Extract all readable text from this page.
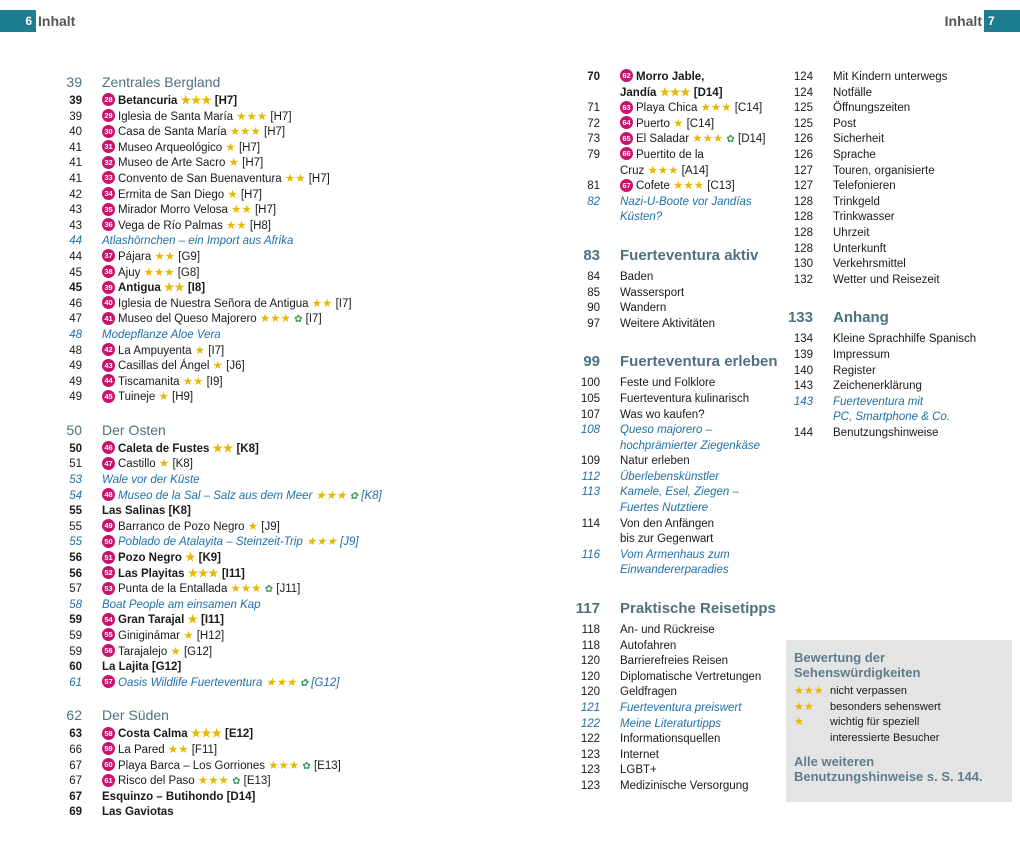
6 Inhalt	Inhalt 7
39	Zentrales Bergland
39	28 Betancuria ★★★ [H7]
39	29 Iglesia de Santa María ★★★ [H7]
40	30 Casa de Santa María ★★★ [H7]
41	31 Museo Arqueológico ★ [H7]
41	32 Museo de Arte Sacro ★ [H7]
41	33 Convento de San Buenaventura ★★ [H7]
42	34 Ermita de San Diego ★ [H7]
43	35 Mirador Morro Velosa ★★ [H7]
43	36 Vega de Río Palmas ★★ [H8]
44	Atlashörnchen – ein Import aus Afrika
44	37 Pájara ★★ [G9]
45	38 Ajuy ★★★ [G8]
45	39 Antigua ★★ [I8]
46	40 Iglesia de Nuestra Señora de Antigua ★★ [I7]
47	41 Museo del Queso Majorero ★★★ ✿ [I7]
48	Modepflanze Aloe Vera
48	42 La Ampuyenta ★ [I7]
49	43 Casillas del Ángel ★ [J6]
49	44 Tiscamanita ★★ [I9]
49	45 Tuineje ★ [H9]
50	Der Osten
50	46 Caleta de Fustes ★★ [K8]
51	47 Castillo ★ [K8]
53	Wale vor der Küste
54	48 Museo de la Sal – Salz aus dem Meer ★★★ ✿ [K8]
55	Las Salinas [K8]
55	49 Barranco de Pozo Negro ★ [J9]
55	50 Poblado de Atalayita – Steinzeit-Trip ★★★ [J9]
56	51 Pozo Negro ★ [K9]
56	52 Las Playitas ★★★ [I11]
57	53 Punta de la Entallada ★★★ ✿ [J11]
58	Boat People am einsamen Kap
59	54 Gran Tarajal ★ [I11]
59	55 Giniginámar ★ [H12]
59	56 Tarajalejo ★ [G12]
60	La Lajita [G12]
61	57 Oasis Wildlife Fuerteventura ★★★ ✿ [G12]
62	Der Süden
63	58 Costa Calma ★★★ [E12]
66	59 La Pared ★★ [F11]
67	60 Playa Barca – Los Gorriones ★★★ ✿ [E13]
67	61 Risco del Paso ★★★ ✿ [E13]
67	Esquinzo – Butihondo [D14]
69	Las Gaviotas
70	62 Morro Jable,
Jandía ★★★ [D14]
71	63 Playa Chica ★★★ [C14]
72	64 Puerto ★ [C14]
73	65 El Saladar ★★★ ✿ [D14]
79	66 Puertito de la
Cruz ★★★ [A14]
81	67 Cofete ★★★ [C13]
82	Nazi-U-Boote vor Jandías
Küsten?
83	Fuerteventura aktiv
84	Baden
85	Wassersport
90	Wandern
97	Weitere Aktivitäten
99	Fuerteventura erleben
100	Feste und Folklore
105	Fuerteventura kulinarisch
107	Was wo kaufen?
108	Queso majorero –
hochprämierter Ziegenkäse
109	Natur erleben
112	Überlebenskünstler
113	Kamele, Esel, Ziegen –
Fuertes Nutztiere
114	Von den Anfängen
bis zur Gegenwart
116	Vom Armenhaus zum
Einwandererparadies
117	Praktische Reisetipps
118	An- und Rückreise
118	Autofahren
120	Barrierefreies Reisen
120	Diplomatische Vertretungen
120	Geldfragen
121	Fuerteventura preiswert
122	Meine Literaturtipps
122	Informationsquellen
123	Internet
123	LGBT+
123	Medizinische Versorgung
124	Mit Kindern unterwegs
124	Notfälle
125	Öffnungszeiten
125	Post
126	Sicherheit
126	Sprache
127	Touren, organisierte
127	Telefonieren
128	Trinkgeld
128	Trinkwasser
128	Uhrzeit
128	Unterkunft
130	Verkehrsmittel
132	Wetter und Reisezeit
133	Anhang
134	Kleine Sprachhilfe Spanisch
139	Impressum
140	Register
143	Zeichenerklärung
143	Fuerteventura mit
PC, Smartphone & Co.
144	Benutzungshinweise
Bewertung der Sehenswürdigkeiten
★★★ nicht verpassen
★★	besonders sehenswert
★	wichtig für speziell
interessierte Besucher
Alle weiteren Benutzungshinweise s. S. 144.
